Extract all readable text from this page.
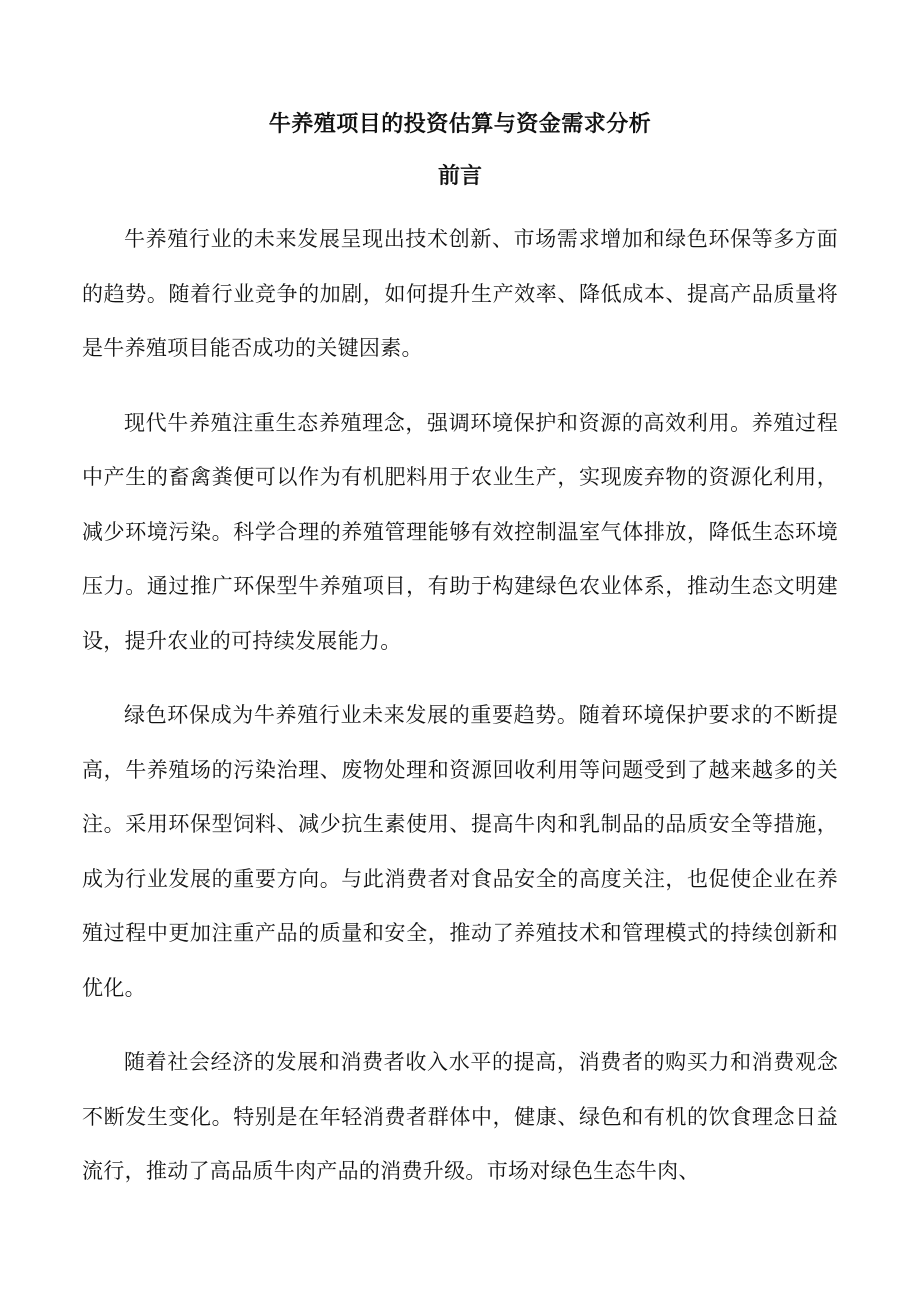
牛养殖项目的投资估算与资金需求分析
前言

牛养殖行业的未来发展呈现出技术创新、市场需求增加和绿色环保等多方面的趋势。随着行业竞争的加剧，如何提升生产效率、降低成本、提高产品质量将是牛养殖项目能否成功的关键因素。

现代牛养殖注重生态养殖理念，强调环境保护和资源的高效利用。养殖过程中产生的畜禽粪便可以作为有机肥料用于农业生产，实现废弃物的资源化利用，减少环境污染。科学合理的养殖管理能够有效控制温室气体排放，降低生态环境压力。通过推广环保型牛养殖项目，有助于构建绿色农业体系，推动生态文明建设，提升农业的可持续发展能力。

绿色环保成为牛养殖行业未来发展的重要趋势。随着环境保护要求的不断提高，牛养殖场的污染治理、废物处理和资源回收利用等问题受到了越来越多的关注。采用环保型饲料、减少抗生素使用、提高牛肉和乳制品的品质安全等措施，成为行业发展的重要方向。与此消费者对食品安全的高度关注，也促使企业在养殖过程中更加注重产品的质量和安全，推动了养殖技术和管理模式的持续创新和优化。

随着社会经济的发展和消费者收入水平的提高，消费者的购买力和消费观念不断发生变化。特别是在年轻消费者群体中，健康、绿色和有机的饮食理念日益流行，推动了高品质牛肉产品的消费升级。市场对绿色生态牛肉、
